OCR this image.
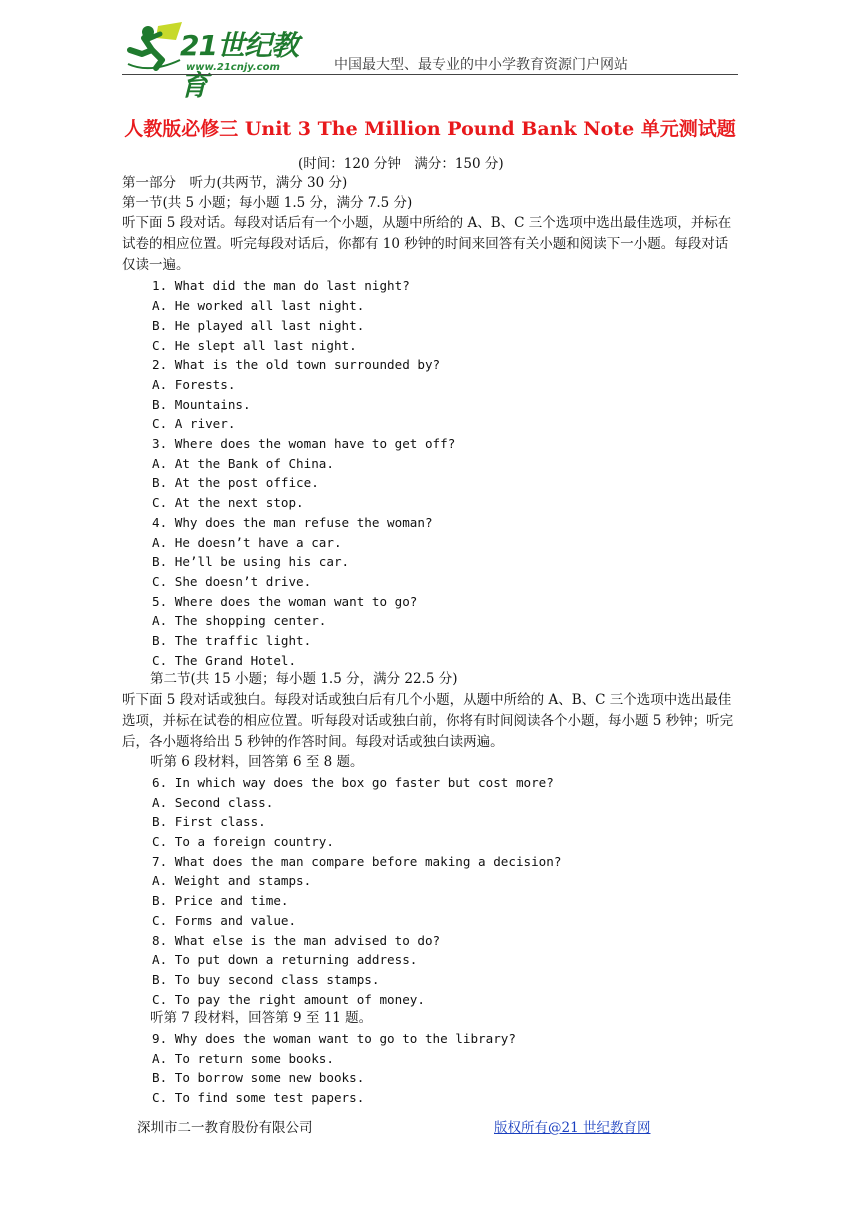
21世纪教育
www.21cnjy.com	中国最大型、最专业的中小学教育资源门户网站
人教版必修三 Unit 3 The Million Pound Bank Note 单元测试题
(时间：120 分钟　满分：150 分)
第一部分　听力(共两节，满分 30 分)
第一节(共 5 小题；每小题 1.5 分，满分 7.5 分)
听下面 5 段对话。每段对话后有一个小题，从题中所给的 A、B、C 三个选项中选出最佳选项，并标在试卷的相应位置。听完每段对话后，你都有 10 秒钟的时间来回答有关小题和阅读下一小题。每段对话仅读一遍。
1. What did the man do last night?
A. He worked all last night.
B. He played all last night.
C. He slept all last night.
2. What is the old town surrounded by?
A. Forests.
B. Mountains.
C. A river.
3. Where does the woman have to get off?
A. At the Bank of China.
B. At the post office.
C. At the next stop.
4. Why does the man refuse the woman?
A. He doesn’t have a car.
B. He’ll be using his car.
C. She doesn’t drive.
5. Where does the woman want to go?
A. The shopping center.
B. The traffic light.
C. The Grand Hotel.
第二节(共 15 小题；每小题 1.5 分，满分 22.5 分)
听下面 5 段对话或独白。每段对话或独白后有几个小题，从题中所给的 A、B、C 三个选项中选出最佳选项，并标在试卷的相应位置。听每段对话或独白前，你将有时间阅读各个小题，每小题 5 秒钟；听完后，各小题将给出 5 秒钟的作答时间。每段对话或独白读两遍。
听第 6 段材料，回答第 6 至 8 题。
6. In which way does the box go faster but cost more?
A. Second class.
B. First class.
C. To a foreign country.
7. What does the man compare before making a decision?
A. Weight and stamps.
B. Price and time.
C. Forms and value.
8. What else is the man advised to do?
A. To put down a returning address.
B. To buy second class stamps.
C. To pay the right amount of money.
听第 7 段材料，回答第 9 至 11 题。
9. Why does the woman want to go to the library?
A. To return some books.
B. To borrow some new books.
C. To find some test papers.
深圳市二一教育股份有限公司	版权所有@21 世纪教育网
